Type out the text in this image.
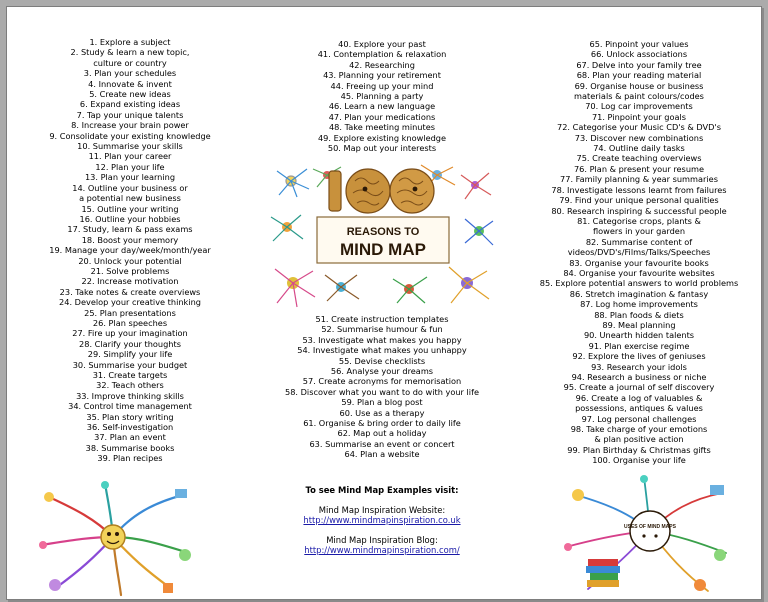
1. Explore a subject
2. Study & learn a new topic,
culture or country
3. Plan your schedules
4. Innovate & invent
5. Create new ideas
6. Expand existing ideas
7. Tap your unique talents
8. Increase your brain power
9. Consolidate your existing knowledge
10. Summarise your skills
11. Plan your career
12. Plan your life
13. Plan your learning
14. Outline your business or
a potential new business
15. Outline your writing
16. Outline your hobbies
17. Study, learn & pass exams
18. Boost your memory
19. Manage your day/week/month/year
20. Unlock your potential
21. Solve problems
22. Increase motivation
23. Take notes & create overviews
24. Develop your creative thinking
25. Plan presentations
26. Plan speeches
27. Fire up your imagination
28. Clarify your thoughts
29. Simplify your life
30. Summarise your budget
31. Create targets
32. Teach others
33. Improve thinking skills
34. Control time management
35. Plan story writing
36. Self-investigation
37. Plan an event
38. Summarise books
39. Plan recipes
40. Explore your past
41. Contemplation & relaxation
42. Researching
43. Planning your retirement
44. Freeing up your mind
45. Planning a party
46. Learn a new language
47. Plan your medications
48. Take meeting minutes
49. Explore existing knowledge
50. Map out your interests
REASONS TO
MIND MAP
51. Create instruction templates
52. Summarise humour & fun
53. Investigate what makes you happy
54. Investigate what makes you unhappy
55. Devise checklists
56. Analyse your dreams
57. Create acronyms for memorisation
58. Discover what you want to do with your life
59. Plan a blog post
60. Use as a therapy
61. Organise & bring order to daily life
62. Map out a holiday
63. Summarise an event or concert
64. Plan a website
To see Mind Map Examples visit:
Mind Map Inspiration Website:
http://www.mindmapinspiration.co.uk
Mind Map Inspiration Blog:
http://www.mindmapinspiration.com/
65. Pinpoint your values
66. Unlock associations
67. Delve into your family tree
68. Plan your reading material
69. Organise house or business
materials & paint colours/codes
70. Log car improvements
71. Pinpoint your goals
72. Categorise your Music CD's & DVD's
73. Discover new combinations
74. Outline daily tasks
75. Create teaching overviews
76. Plan & present your resume
77. Family planning & year summaries
78. Investigate lessons learnt from failures
79. Find your unique personal qualities
80. Research inspiring & successful people
81. Categorise crops, plants &
flowers in your garden
82. Summarise content of
videos/DVD's/Films/Talks/Speeches
83. Organise your favourite books
84. Organise your favourite websites
85. Explore potential answers to world problems
86. Stretch imagination & fantasy
87. Log home improvements
88. Plan foods & diets
89. Meal planning
90. Unearth hidden talents
91. Plan exercise regime
92. Explore the lives of geniuses
93. Research your idols
94. Research a business or niche
95. Create a journal of self discovery
96. Create a log of valuables &
possessions, antiques & values
97. Log personal challenges
98. Take charge of your emotions
& plan positive action
99. Plan Birthday & Christmas gifts
100. Organise your life
USES OF MIND MAPS
